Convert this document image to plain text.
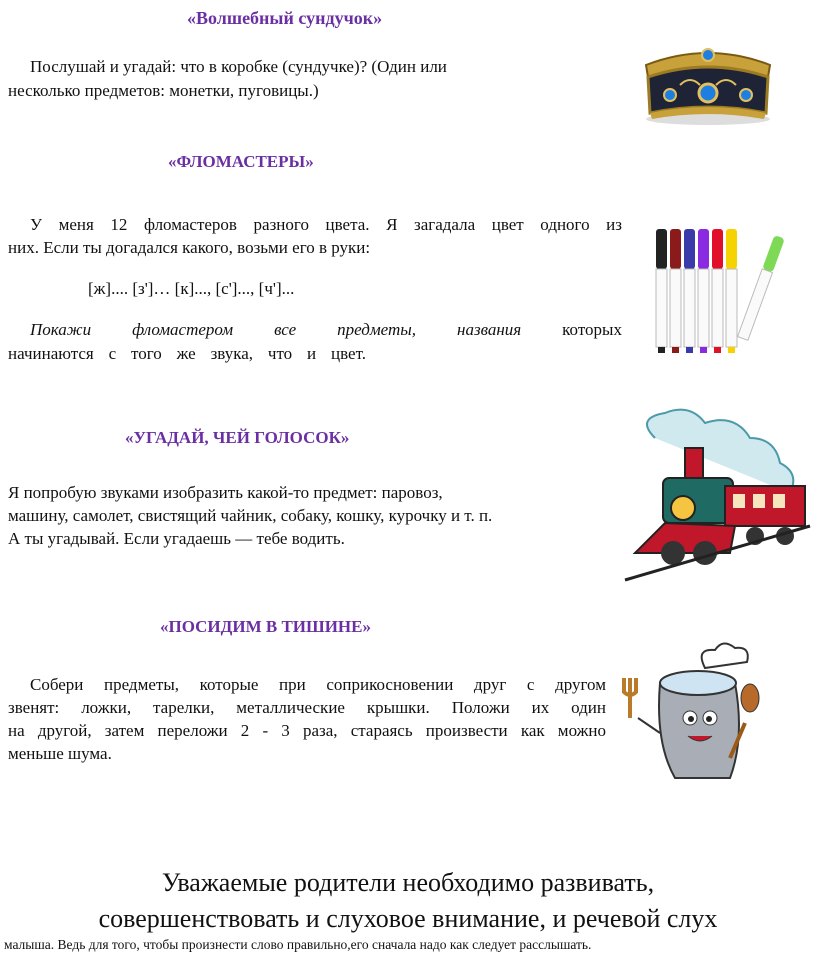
«Волшебный сундучок»
Послушай и угадай: что в коробке (сундучке)? (Один или
несколько предметов: монетки, пуговицы.)
«ФЛОМАСТЕРЫ»
У меня 12 фломастеров разного цвета. Я загадала цвет одного из
них. Если ты догадался какого, возьми его в руки:
[ж].... [з']… [к]..., [с']..., [ч']...
Покажи фломастером все предметы, названия которых
начинаются с того же звука, что и цвет.
«УГАДАЙ, ЧЕЙ ГОЛОСОК»
Я попробую звуками изобразить какой-то предмет: паровоз,
машину, самолет, свистящий чайник, собаку, кошку, курочку и т. п.
А ты угадывай. Если угадаешь — тебе водить.
«ПОСИДИМ В ТИШИНЕ»
Собери предметы, которые при соприкосновении друг с другом
звенят: ложки, тарелки, металлические крышки. Положи их один
на другой, затем переложи 2 - 3 раза, стараясь произвести как можно
меньше шума.
Уважаемые родители необходимо развивать,
совершенствовать и слуховое внимание, и речевой слух
малыша. Ведь для того, чтобы произнести слово правильно,его сначала надо как следует расслышать.
